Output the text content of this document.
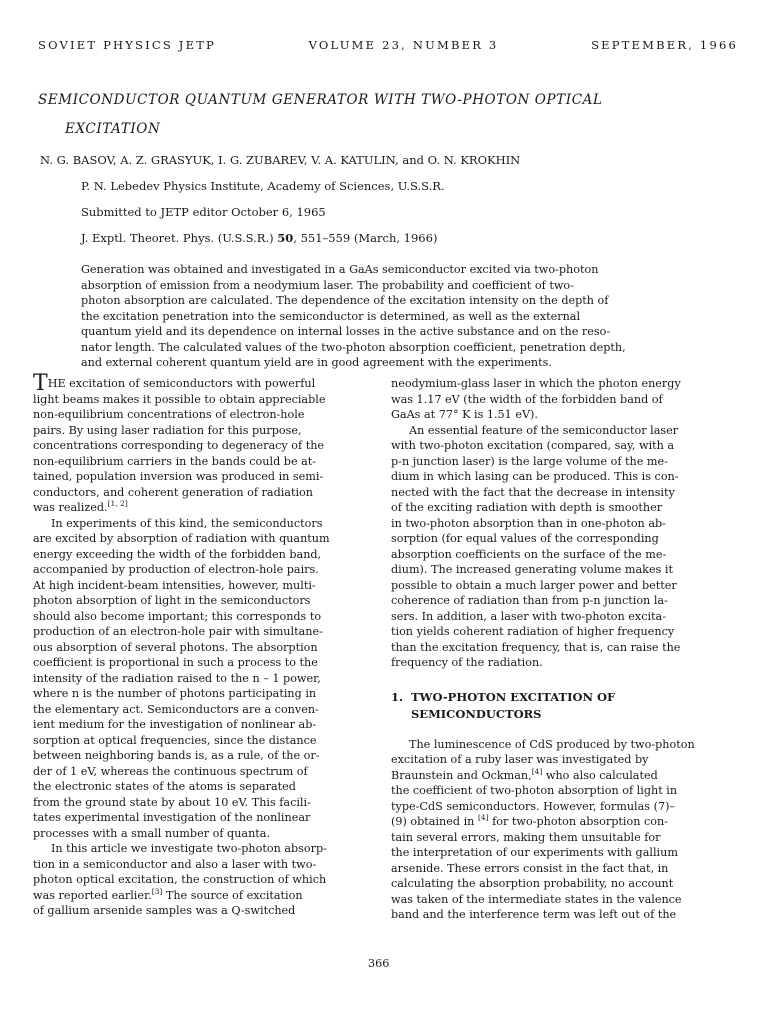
SOVIET PHYSICS JETP	VOLUME 23, NUMBER 3	SEPTEMBER, 1966
SEMICONDUCTOR QUANTUM GENERATOR WITH TWO-PHOTON OPTICAL
EXCITATION
N. G. BASOV, A. Z. GRASYUK, I. G. ZUBAREV, V. A. KATULIN, and O. N. KROKHIN
P. N. Lebedev Physics Institute, Academy of Sciences, U.S.S.R.
Submitted to JETP editor October 6, 1965
J. Exptl. Theoret. Phys. (U.S.S.R.) 50, 551–559 (March, 1966)
Generation was obtained and investigated in a GaAs semiconductor excited via two-photon
absorption of emission from a neodymium laser. The probability and coefficient of two-
photon absorption are calculated. The dependence of the excitation intensity on the depth of
the excitation penetration into the semiconductor is determined, as well as the external
quantum yield and its dependence on internal losses in the active substance and on the reso-
nator length. The calculated values of the two-photon absorption coefficient, penetration depth,
and external coherent quantum yield are in good agreement with the experiments.
THE excitation of semiconductors with powerful
light beams makes it possible to obtain appreciable
non-equilibrium concentrations of electron-hole
pairs. By using laser radiation for this purpose,
concentrations corresponding to degeneracy of the
non-equilibrium carriers in the bands could be at-
tained, population inversion was produced in semi-
conductors, and coherent generation of radiation
was realized.[1, 2]
In experiments of this kind, the semiconductors
are excited by absorption of radiation with quantum
energy exceeding the width of the forbidden band,
accompanied by production of electron-hole pairs.
At high incident-beam intensities, however, multi-
photon absorption of light in the semiconductors
should also become important; this corresponds to
production of an electron-hole pair with simultane-
ous absorption of several photons. The absorption
coefficient is proportional in such a process to the
intensity of the radiation raised to the n – 1 power,
where n is the number of photons participating in
the elementary act. Semiconductors are a conven-
ient medium for the investigation of nonlinear ab-
sorption at optical frequencies, since the distance
between neighboring bands is, as a rule, of the or-
der of 1 eV, whereas the continuous spectrum of
the electronic states of the atoms is separated
from the ground state by about 10 eV. This facili-
tates experimental investigation of the nonlinear
processes with a small number of quanta.
In this article we investigate two-photon absorp-
tion in a semiconductor and also a laser with two-
photon optical excitation, the construction of which
was reported earlier.[3] The source of excitation
of gallium arsenide samples was a Q-switched
neodymium-glass laser in which the photon energy
was 1.17 eV (the width of the forbidden band of
GaAs at 77° K is 1.51 eV).
An essential feature of the semiconductor laser
with two-photon excitation (compared, say, with a
p-n junction laser) is the large volume of the me-
dium in which lasing can be produced. This is con-
nected with the fact that the decrease in intensity
of the exciting radiation with depth is smoother
in two-photon absorption than in one-photon ab-
sorption (for equal values of the corresponding
absorption coefficients on the surface of the me-
dium). The increased generating volume makes it
possible to obtain a much larger power and better
coherence of radiation than from p-n junction la-
sers. In addition, a laser with two-photon excita-
tion yields coherent radiation of higher frequency
than the excitation frequency, that is, can raise the
frequency of the radiation.
1. TWO-PHOTON EXCITATION OF
SEMICONDUCTORS
The luminescence of CdS produced by two-photon
excitation of a ruby laser was investigated by
Braunstein and Ockman,[4] who also calculated
the coefficient of two-photon absorption of light in
type-CdS semiconductors. However, formulas (7)–
(9) obtained in [4] for two-photon absorption con-
tain several errors, making them unsuitable for
the interpretation of our experiments with gallium
arsenide. These errors consist in the fact that, in
calculating the absorption probability, no account
was taken of the intermediate states in the valence
band and the interference term was left out of the
366
